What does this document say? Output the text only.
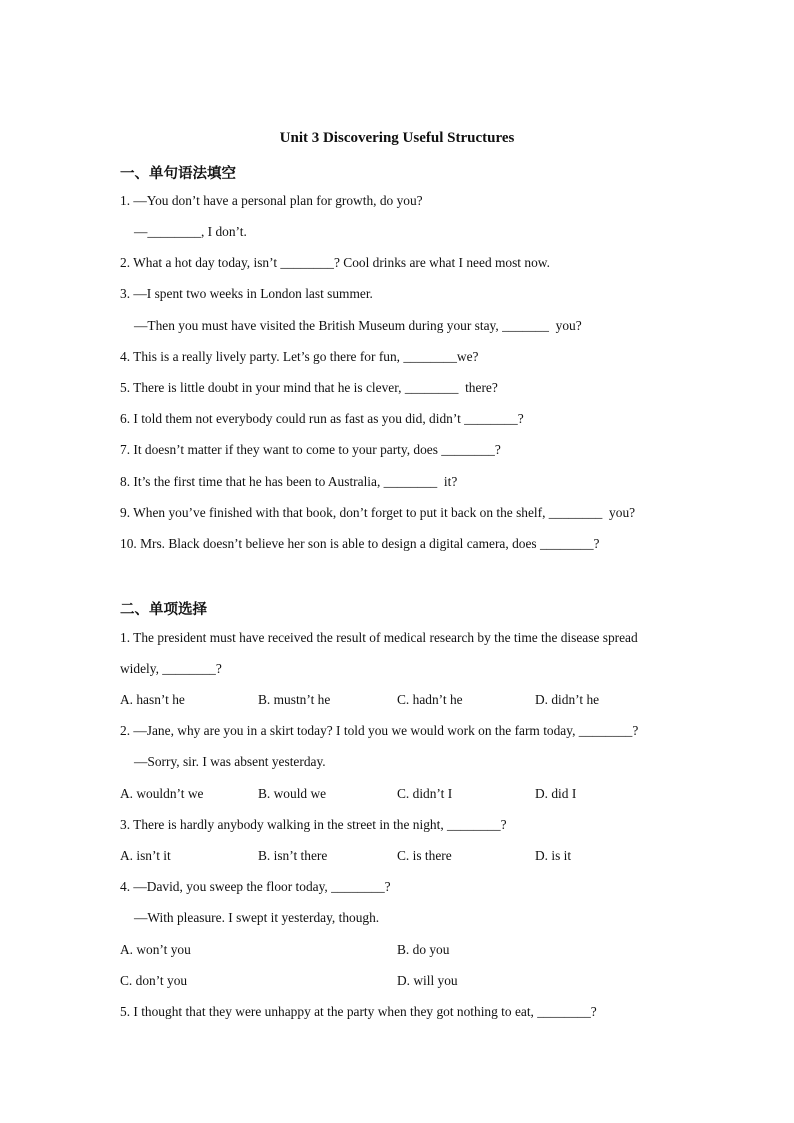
Unit 3 Discovering Useful Structures
一、单句语法填空
1. —You don’t have a personal plan for growth, do you?
—________, I don’t.
2. What a hot day today, isn’t ________? Cool drinks are what I need most now.
3. —I spent two weeks in London last summer.
—Then you must have visited the British Museum during your stay, _______  you?
4. This is a really lively party. Let’s go there for fun, ________we?
5. There is little doubt in your mind that he is clever, ________  there?
6. I told them not everybody could run as fast as you did, didn’t ________?
7. It doesn’t matter if they want to come to your party, does ________?
8. It’s the first time that he has been to Australia, ________  it?
9. When you’ve finished with that book, don’t forget to put it back on the shelf, ________  you?
10. Mrs. Black doesn’t believe her son is able to design a digital camera, does ________?
二、单项选择
1. The president must have received the result of medical research by the time the disease spread
widely, ________?
A. hasn’t he	B. mustn’t he	C. hadn’t he	D. didn’t he
2. —Jane, why are you in a skirt today? I told you we would work on the farm today, ________?
—Sorry, sir. I was absent yesterday.
A. wouldn’t we	B. would we	C. didn’t I	D. did I
3. There is hardly anybody walking in the street in the night, ________?
A. isn’t it	B. isn’t there	C. is there	D. is it
4. —David, you sweep the floor today, ________?
—With pleasure. I swept it yesterday, though.
A. won’t you	B. do you
C. don’t you	D. will you
5. I thought that they were unhappy at the party when they got nothing to eat, ________?
